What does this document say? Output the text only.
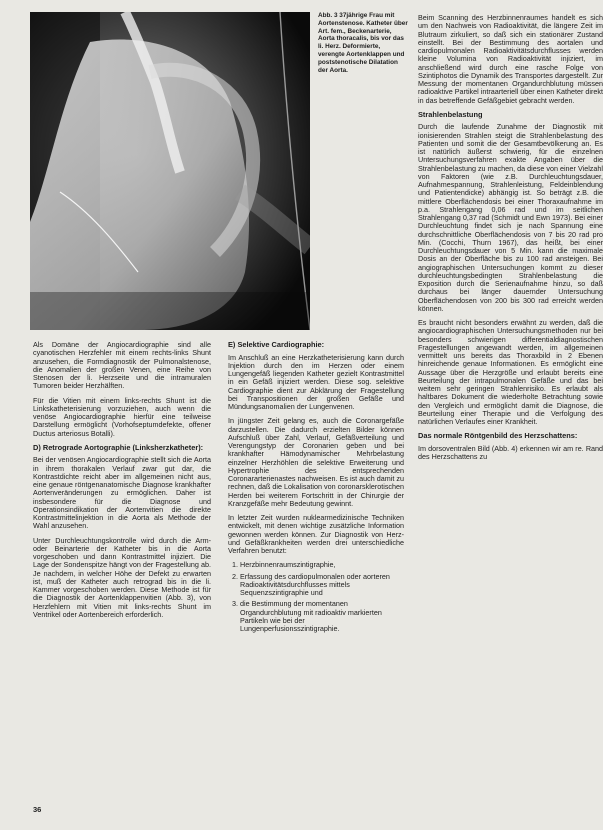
Abb. 3 37jährige Frau mit Aortenstenose. Katheter über Art. fem., Beckenarterie, Aorta thoracalis, bis vor das li. Herz. Deformierte, verengte Aortenklappen und poststenotische Dilatation der Aorta.

Als Domäne der Angiocardiographie sind alle cyanotischen Herzfehler mit einem rechts-links Shunt anzusehen, die Formdiagnostik der Pulmonalstenose, die Anomalien der großen Venen, eine Reihe von Stenosen der li. Herzseite und die intramuralen Tumoren beider Herzhälften.

Für die Vitien mit einem links-rechts Shunt ist die Linkskatheterisierung vorzuziehen, auch wenn die venöse Angiocardiographie hierfür eine teilweise Darstellung ermöglicht (Vorhofseptumdefekte, offener Ductus arteriosus Botalli).

D) Retrograde Aortographie (Linksherzkatheter):

Bei der venösen Angiocardiographie stellt sich die Aorta in ihrem thorakalen Verlauf zwar gut dar, die Kontrastdichte reicht aber im allgemeinen nicht aus, eine genaue röntgenanatomische Diagnose krankhafter Aortenveränderungen zu ermöglichen. Daher ist insbesondere für die Diagnose und Operationsindikation der Aortenvitien die direkte Kontrastmittelinjektion in die Aorta als Methode der Wahl anzusehen.

Unter Durchleuchtungskontrolle wird durch die Arm- oder Beinarterie der Katheter bis in die Aorta vorgeschoben und dann Kontrastmittel injiziert. Die Lage der Sondenspitze hängt von der Fragestellung ab. Je nachdem, in welcher Höhe der Defekt zu erwarten ist, muß der Katheter auch retrograd bis in die li. Kammer vorgeschoben werden. Diese Methode ist für die Diagnostik der Aortenklappenvitien (Abb. 3), von Herzfehlern mit Vitien mit links-rechts Shunt im Ventrikel oder Aortenbereich erforderlich.

E) Selektive Cardiographie:

Im Anschluß an eine Herzkatheterisierung kann durch Injektion durch den im Herzen oder einem Lungengefäß liegenden Katheter gezielt Kontrastmittel in ein Gefäß injiziert werden. Diese sog. selektive Cardiographie dient zur Abklärung der Fragestellung bei Transpositionen der großen Gefäße und Mündungsanomalien der Lungenvenen.

In jüngster Zeit gelang es, auch die Coronargefäße darzustellen. Die dadurch erzielten Bilder können Aufschluß über Zahl, Verlauf, Gefäßverteilung und Verengungstyp der Coronarien geben und bei krankhafter Hämodynamischer Mehrbelastung einzelner Herzhöhlen die selektive Erweiterung und Hypertrophie des entsprechenden Coronararterienastes nachweisen. Es ist auch damit zu rechnen, daß die Lokalisation von coronarsklerotischen Herden bei weiterem Fortschritt in der Chirurgie der Kranzgefäße mehr Bedeutung gewinnt.

In letzter Zeit wurden nuklearmedizinische Techniken entwickelt, mit denen wichtige zusätzliche Information gewonnen werden können. Zur Diagnostik von Herz- und Gefäßkrankheiten werden drei unterschiedliche Verfahren benutzt:

1. Herzbinnenraumszintigraphie,
2. Erfassung des cardiopulmonalen oder aorteren Radioaktivitätsdurchflusses mittels Sequenzszintigraphie und
3. die Bestimmung der momentanen Organdurchblutung mit radioaktiv markierten Partikeln wie bei der Lungenperfusionsszintigraphie.

Beim Scanning des Herzbinnenraumes handelt es sich um den Nachweis von Radioaktivität, die längere Zeit im Blutraum zirkuliert, so daß sich ein stationärer Zustand einstellt. Bei der Bestimmung des aortalen und cardiopulmonalen Radioaktivitätsdurchflusses werden kleine Volumina von Radioaktivität injiziert, im anschließend wird durch eine rasche Folge von Szintiphotos die Dynamik des Transportes dargestellt. Zur Messung der momentanen Organdurchblutung müssen radioaktive Partikel intraarteriell über einen Katheter direkt in das betreffende Gefäßgebiet gebracht werden.

Strahlenbelastung

Durch die laufende Zunahme der Diagnostik mit ionisierenden Strahlen steigt die Strahlenbelastung des Patienten und somit die der Gesamtbevölkerung an. Es ist natürlich äußerst schwierig, für die einzelnen Untersuchungsverfahren exakte Angaben über die Strahlenbelastung zu machen, da diese von einer Vielzahl von Faktoren (wie z.B. Durchleuchtungsdauer, Aufnahmespannung, Strahlenleistung, Feldeinblendung und Patientendicke) abhängig ist. So beträgt z.B. die mittlere Oberflächendosis bei einer Thoraxaufnahme im p.a. Strahlengang 0,06 rad und im seitlichen Strahlengang 0,37 rad (Schmidt und Ewn 1973). Bei einer Durchleuchtung findet sich je nach Spannung eine durchschnittliche Oberflächendosis von 7 bis 20 rad pro Min. (Cocchi, Thurn 1967), das heißt, bei einer Durchleuchtungsdauer von 5 Min. kann die maximale Dosis an der Oberfläche bis zu 100 rad ansteigen. Bei angiographischen Untersuchungen kommt zu dieser durchleuchtungsbedingten Strahlenbelastung die Exposition durch die Serienaufnahme hinzu, so daß durchaus bei länger dauernder Untersuchung Oberflächendosen von 200 bis 300 rad erreicht werden können.

Es braucht nicht besonders erwähnt zu werden, daß die angiocardiographischen Untersuchungsmethoden nur bei besonders schwierigen differentialdiagnostischen Fragestellungen angewandt werden, im allgemeinen vermittelt uns bereits das Thoraxbild in 2 Ebenen hinreichende genaue Informationen. Es ermöglicht eine Aussage über die Herzgröße und erlaubt bereits eine Beurteilung der intrapulmonalen Gefäße und das bei weitem sehr geringen Strahlenrisiko. Es erlaubt als haltbares Dokument die wiederholte Betrachtung sowie den Vergleich und ermöglicht damit die Diagnose, die Beurteilung einer Therapie und die Verfolgung des natürlichen Verlaufes einer Krankheit.

Das normale Röntgenbild des Herzschattens:

Im dorsoventralen Bild (Abb. 4) erkennen wir am re. Rand des Herzschattens zu

36
